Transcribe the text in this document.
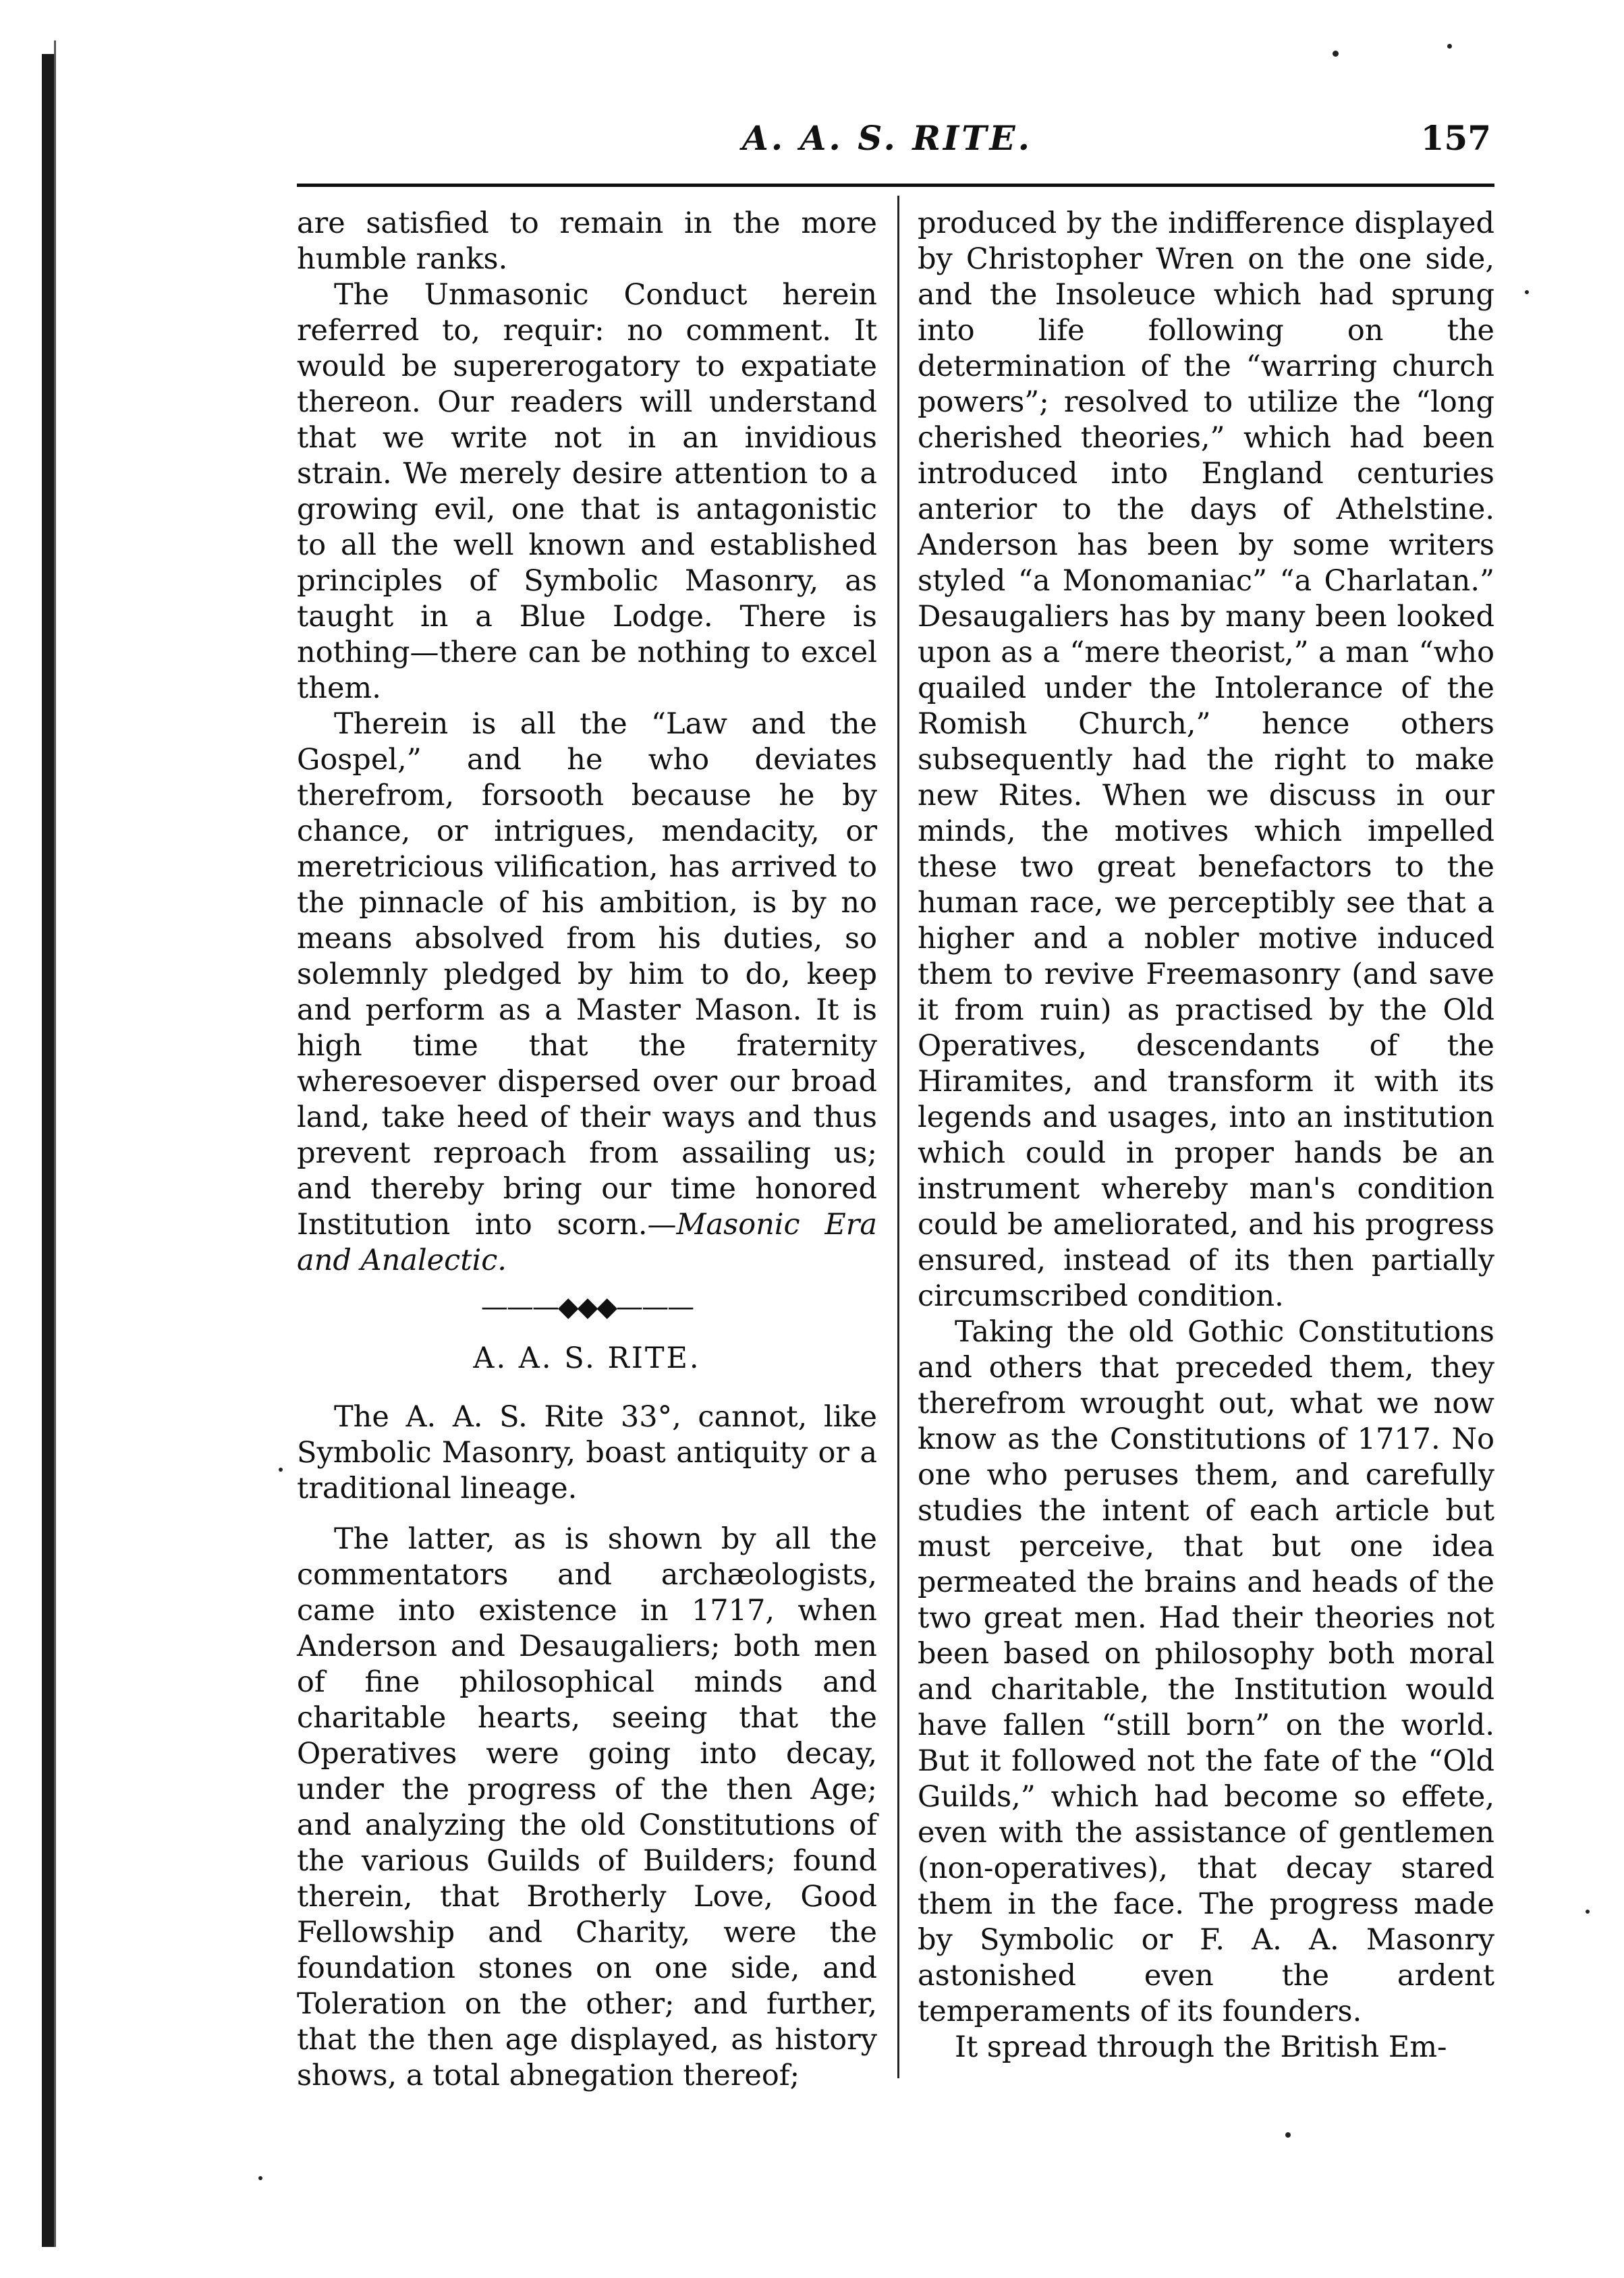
A. A. S. RITE.	157

are satisfied to remain in the more humble ranks.

The Unmasonic Conduct herein referred to, requir: no comment. It would be supererogatory to expatiate thereon. Our readers will understand that we write not in an invidious strain. We merely desire attention to a growing evil, one that is antagonistic to all the well known and established principles of Symbolic Masonry, as taught in a Blue Lodge. There is nothing—there can be nothing to excel them.

Therein is all the “Law and the Gospel,” and he who deviates therefrom, forsooth because he by chance, or intrigues, mendacity, or meretricious vilification, has arrived to the pinnacle of his ambition, is by no means absolved from his duties, so solemnly pledged by him to do, keep and perform as a Master Mason. It is high time that the fraternity wheresoever dispersed over our broad land, take heed of their ways and thus prevent reproach from assailing us; and thereby bring our time honored Institution into scorn.—Masonic Era and Analectic.

———◆◆◆———
A. A. S. RITE.

The A. A. S. Rite 33°, cannot, like Symbolic Masonry, boast antiquity or a traditional lineage.

The latter, as is shown by all the commentators and archæologists, came into existence in 1717, when Anderson and Desaugaliers; both men of fine philosophical minds and charitable hearts, seeing that the Operatives were going into decay, under the progress of the then Age; and analyzing the old Constitutions of the various Guilds of Builders; found therein, that Brotherly Love, Good Fellowship and Charity, were the foundation stones on one side, and Toleration on the other; and further, that the then age displayed, as history shows, a total abnegation thereof;

produced by the indifference displayed by Christopher Wren on the one side, and the Insoleuce which had sprung into life following on the determination of the “warring church powers”; resolved to utilize the “long cherished theories,” which had been introduced into England centuries anterior to the days of Athelstine. Anderson has been by some writers styled “a Monomaniac” “a Charlatan.” Desaugaliers has by many been looked upon as a “mere theorist,” a man “who quailed under the Intolerance of the Romish Church,” hence others subsequently had the right to make new Rites. When we discuss in our minds, the motives which impelled these two great benefactors to the human race, we perceptibly see that a higher and a nobler motive induced them to revive Freemasonry (and save it from ruin) as practised by the Old Operatives, descendants of the Hiramites, and transform it with its legends and usages, into an institution which could in proper hands be an instrument whereby man's condition could be ameliorated, and his progress ensured, instead of its then partially circumscribed condition.

Taking the old Gothic Constitutions and others that preceded them, they therefrom wrought out, what we now know as the Constitutions of 1717. No one who peruses them, and carefully studies the intent of each article but must perceive, that but one idea permeated the brains and heads of the two great men. Had their theories not been based on philosophy both moral and charitable, the Institution would have fallen “still born” on the world. But it followed not the fate of the “Old Guilds,” which had become so effete, even with the assistance of gentlemen (non-operatives), that decay stared them in the face. The progress made by Symbolic or F. A. A. Masonry astonished even the ardent temperaments of its founders.

It spread through the British Em-
